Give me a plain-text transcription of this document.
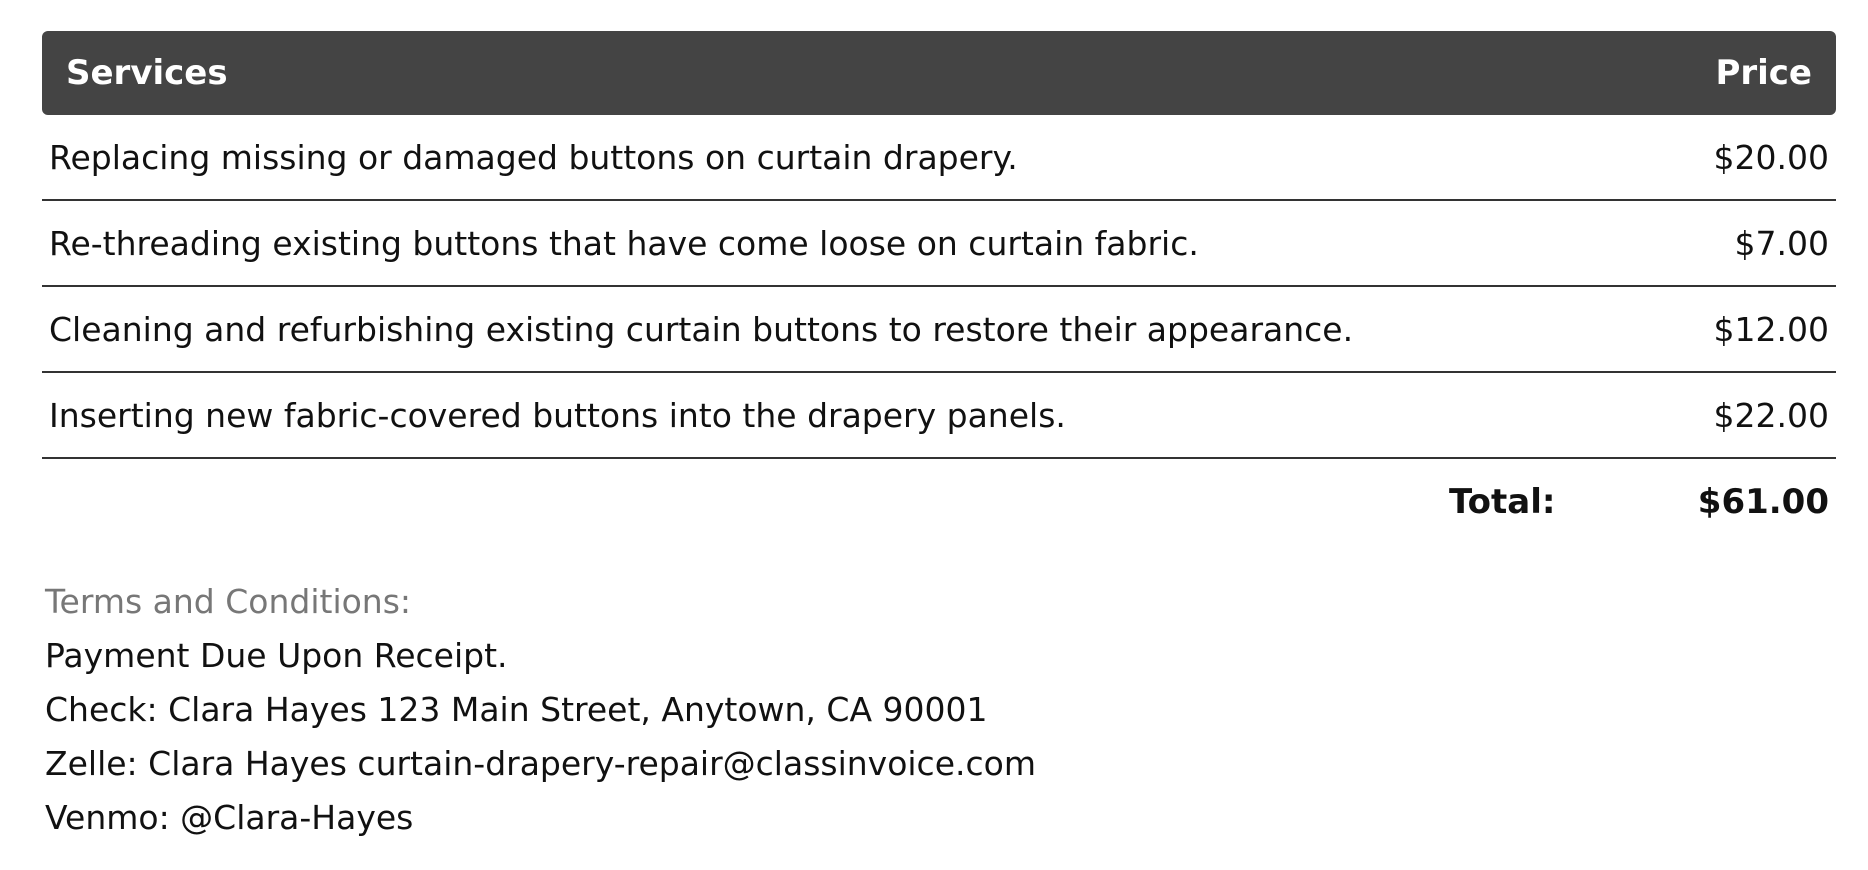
Services	Price
Replacing missing or damaged buttons on curtain drapery.	$20.00
Re-threading existing buttons that have come loose on curtain fabric.	$7.00
Cleaning and refurbishing existing curtain buttons to restore their appearance.	$12.00
Inserting new fabric-covered buttons into the drapery panels.	$22.00
Total:	$61.00
Terms and Conditions:
Payment Due Upon Receipt.
Check: Clara Hayes 123 Main Street, Anytown, CA 90001
Zelle: Clara Hayes curtain-drapery-repair@classinvoice.com
Venmo: @Clara-Hayes
